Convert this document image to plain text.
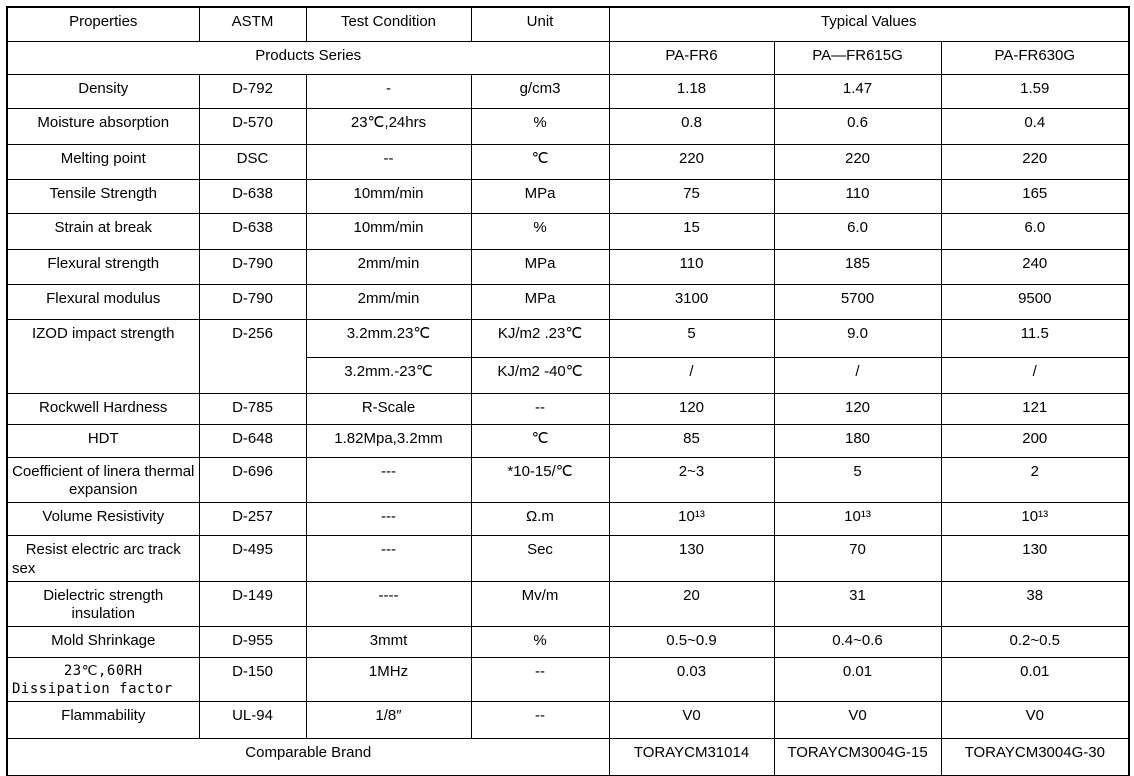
Properties	ASTM	Test Condition	Unit	Typical Values		
Products Series				PA-FR6	PA—FR615G	PA-FR630G
Density	D-792	-	g/cm3	1.18	1.47	1.59
Moisture absorption	D-570	23℃,24hrs	%	0.8	0.6	0.4
Melting point	DSC	--	℃	220	220	220
Tensile Strength	D-638	10mm/min	MPa	75	110	165
Strain at break	D-638	10mm/min	%	15	6.0	6.0
Flexural strength	D-790	2mm/min	MPa	110	185	240
Flexural modulus	D-790	2mm/min	MPa	3100	5700	9500
IZOD impact strength	D-256	3.2mm.23℃	KJ/m2 .23℃	5	9.0	11.5
		3.2mm.-23℃	KJ/m2 -40℃	/	/	/
Rockwell Hardness	D-785	R-Scale	--	120	120	121
HDT	D-648	1.82Mpa,3.2mm	℃	85	180	200
Coefficient of linera thermal expansion	D-696	---	*10-15/℃	2~3	5	2
Volume Resistivity	D-257	---	Ω.m	10¹³	10¹³	10¹³
Resist electric arc track sex	D-495	---	Sec	130	70	130
Dielectric strength insulation	D-149	----	Mv/m	20	31	38
Mold Shrinkage	D-955	3mmt	%	0.5~0.9	0.4~0.6	0.2~0.5
23℃,60RH Dissipation factor	D-150	1MHz	--	0.03	0.01	0.01
Flammability	UL-94	1/8″	--	V0	V0	V0
Comparable Brand				TORAYCM31014	TORAYCM3004G-15	TORAYCM3004G-30
